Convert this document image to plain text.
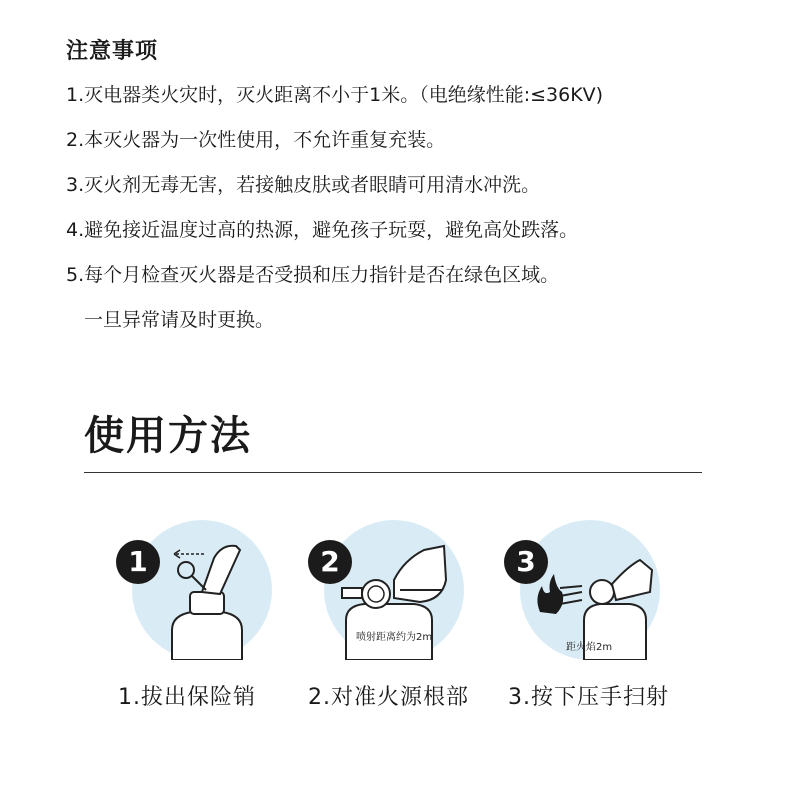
注意事项
1.灭电器类火灾时，灭火距离不小于1米。（电绝缘性能:≤36KV)
2.本灭火器为一次性使用，不允许重复充装。
3.灭火剂无毒无害，若接触皮肤或者眼睛可用清水冲洗。
4.避免接近温度过高的热源，避免孩子玩耍，避免高处跌落。
5.每个月检查灭火器是否受损和压力指针是否在绿色区域。
一旦异常请及时更换。
使用方法
1
1.拔出保险销
2
喷射距离约为2m
2.对准火源根部
3
距火焰2m
3.按下压手扫射
